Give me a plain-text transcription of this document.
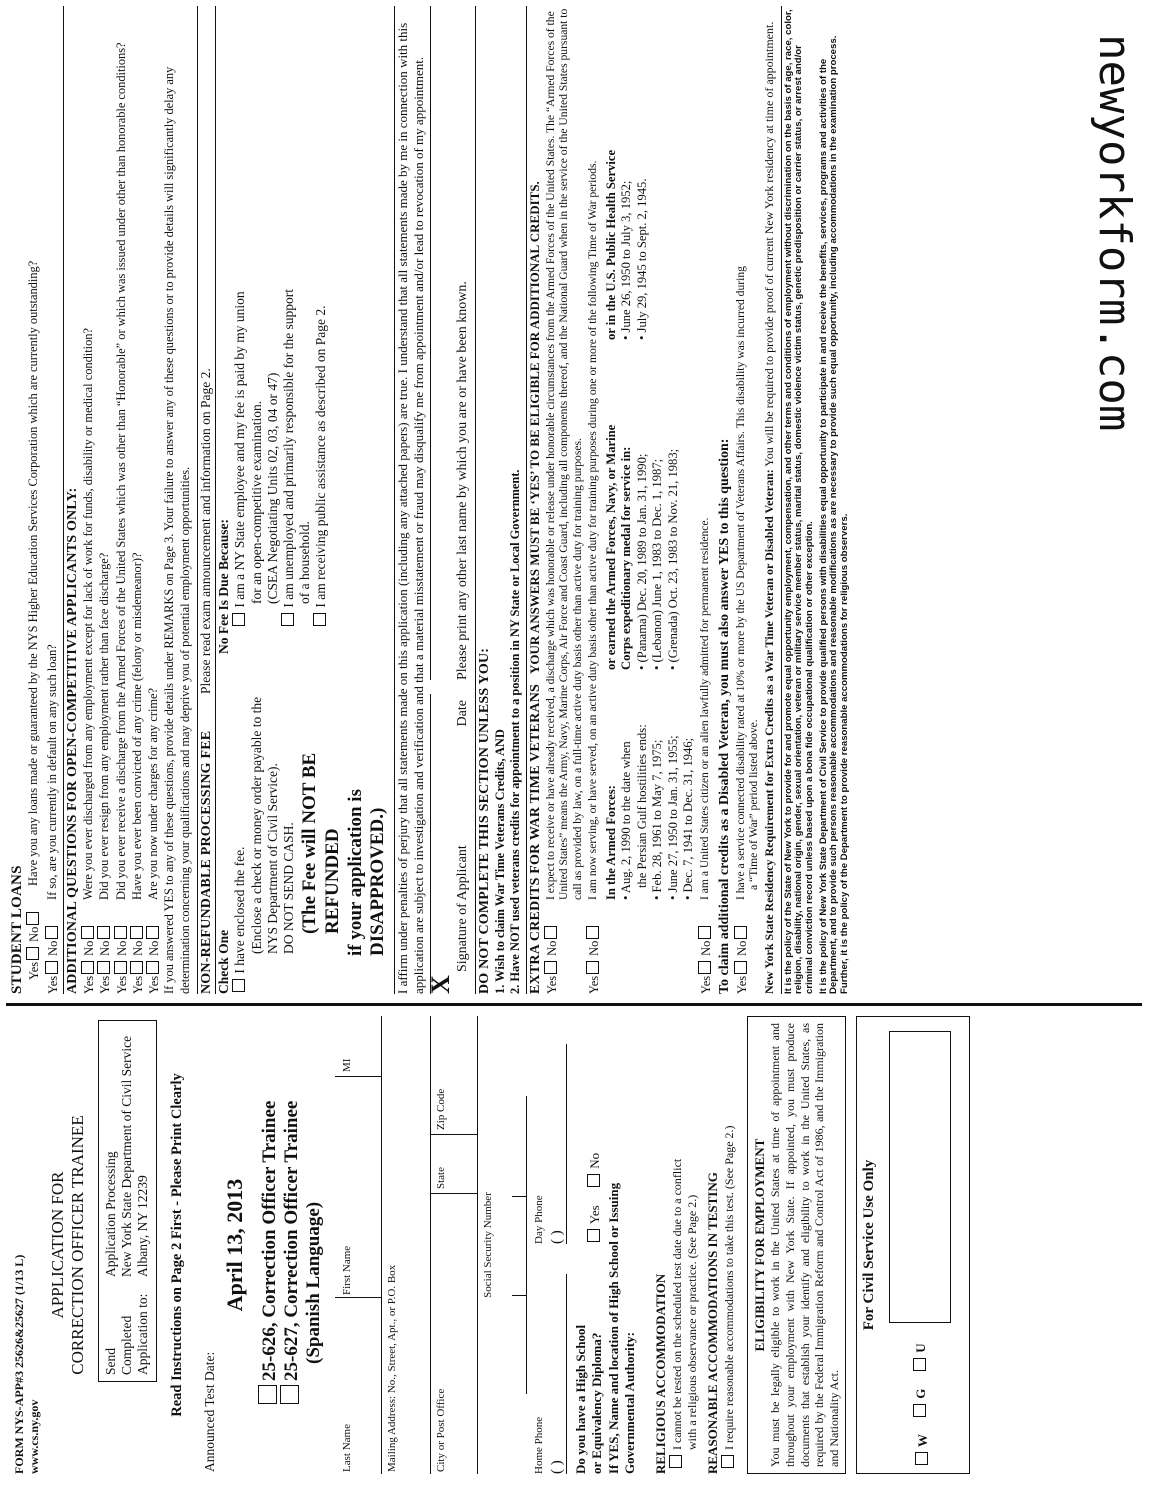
FORM NYS-APP#3 25626&25627 (1/13 L) www.cs.ny.gov
APPLICATION FOR CORRECTION OFFICER TRAINEE Send Completed Application to:
Application Processing New York State Department of Civil Service Albany, NY 12239 Read Instructions on Page 2 First - Please Print Clearly Announced Test Date:
April 13, 2013 25-626, Correction Officer Trainee 25-627, Correction Officer Trainee (Spanish Language)
Last Name
First Name
MI
Mailing Address: No., Street, Apt., or P.O. Box	City or Post Office
State
Zip Code
Social Security Number
Home Phone ( )
Day Phone ( )
Do you have a High School or Equivalency Diploma?
Yes      No
If YES, Name and location of High School or Issuing Governmental Authority: RELIGIOUS ACCOMMODATION I cannot be tested on the scheduled test date due to a conflict with a religious observance or practice. (See Page 2.) REASONABLE ACCOMMODATIONS IN TESTING I require reasonable accommodations to take this test. (See Page 2.) ELIGIBILITY FOR EMPLOYMENT You must be legally eligible to work in the United States at time of appointment and throughout your employment with New York State. If appointed, you must produce documents that establish your identify and eligibility to work in the United States, as required by the Federal Immigration Reform and Control Act of 1986, and the Immigration and Nationality Act.
For Civil Service Use Only
W
G
U
STUDENT LOANS Yes No
Have you any loans made or guaranteed by the NYS Higher Education Services Corporation which are currently outstanding?
Yes No
If so, are you currently in default on any such loan? ADDITIONAL QUESTIONS FOR OPEN-COMPETITIVE APPLICANTS ONLY: Yes No
Were you ever discharged from any employment except for lack of work for funds, disability or medical condition?
Yes No
Did you ever resign from any employment rather than face discharge?
Yes No
Did you ever receive a discharge from the Armed Forces of the United States which was other than “Honorable” or which was issued under other than honorable conditions?
Yes No
Have you ever been convicted of any crime (felony or misdemeanor)?
Yes No
Are you now under charges for any crime? If you answered YES to any of these questions, provide details under REMARKS on Page 3. Your failure to answer any of these questions or to provide details will significantly delay any determination concerning your qualifications and may deprive you of potential employment opportunities. NON-REFUNDABLE PROCESSING FEE
Please read exam announcement and information on Page 2.
Check One I have enclosed the fee. (Enclose a check or money order payable to the NYS Department of Civil Service). DO NOT SEND CASH. (The Fee will NOT BE REFUNDED if your application is DISAPPROVED.)
No Fee Is Due Because: I am a NY State employee and my fee is paid by my union for an open-competitive examination. (CSEA Negotiating Units 02, 03, 04 or 47) I am unemployed and primarily responsible for the support of a household. I am receiving public assistance as described on Page 2.	I affirm under penalties of perjury that all statements made on this application (including any attached papers) are true. I understand that all statements made by me in connection with this application are subject to investigation and verification and that a material misstatement or fraud may disqualify me from appointment and/or lead to revocation of my appointment. X
Signature of Applicant
Date
Please print any other last name by which you are or have been known.
DO NOT COMPLETE THIS SECTION UNLESS YOU: 1. Wish to claim War Time Veterans Credits, AND 2. Have NOT used veterans credits for appointment to a position in NY State or Local Government. EXTRA CREDITS FOR WAR TIME VETERANS
YOUR ANSWERS MUST BE ‘YES’ TO BE ELIGIBLE FOR ADDITIONAL CREDITS.
Yes No
I expect to receive or have already received, a discharge which was honorable or release under honorable circumstances from the Armed Forces of the United States. The “Armed Forces of the United States” means the Army, Navy, Marine Corps, Air Force and Coast Guard, including all components thereof, and the National Guard when in the service of the United States pursuant to call as provided by law, on a full-time active duty basis other than active duty for training purposes.
Yes No
I am now serving, or have served, on an active duty basis other than active duty for training purposes during one or more of the following Time of War periods. In the Armed Forces: • Aug. 2, 1990 to the date when the Persian Gulf hostilities ends: • Feb. 28, 1961 to May 7, 1975; • June 27, 1950 to Jan. 31, 1955; • Dec. 7, 1941 to Dec. 31, 1946;
or earned the Armed Forces, Navy, or Marine Corps expeditionary medal for service in: • (Panama) Dec. 20, 1989 to Jan. 31, 1990; • (Lebanon) June 1, 1983 to Dec. 1, 1987; • (Grenada) Oct. 23, 1983 to Nov. 21, 1983;
or in the U.S. Public Health Service • June 26, 1950 to July 3, 1952; • July 29, 1945 to Sept. 2, 1945.
Yes No
I am a United States citizen or an alien lawfully admitted for permanent residence. To claim additional credits as a Disabled Veteran, you must also answer YES to this question: Yes No
I have a service connected disability rated at 10% or more by the US Department of Veterans Affairs. This disability was incurred during a “Time of War” period listed above. New York State Residency Requirement for Extra Credits as a War Time Veteran or Disabled Veteran: You will be required to provide proof of current New York residency at time of appointment. It is the policy of the State of New York to provide for and promote equal opportunity employment, compensation, and other terms and conditions of employment without discrimination on the basis of age, race, color, religion, disability, national origin, gender, sexual orientation, veteran or military service member status, marital status, domestic violence victim status, genetic predisposition or carrier status, or arrest and/or criminal conviction record unless based upon a bona fide occupational qualification or other exception. It is the policy of New York State Department of Civil Service to provide qualified persons with disabilities equal opportunity to participate in and receive the benefits, services, programs and activities of the Department, and to provide such persons reasonable accommodations and reasonable modifications as are necessary to provide such equal opportunity, including accommodations in the examination process. Further, it is the policy of the Department to provide reasonable accommodations for religious observers.
newyorkform.com
